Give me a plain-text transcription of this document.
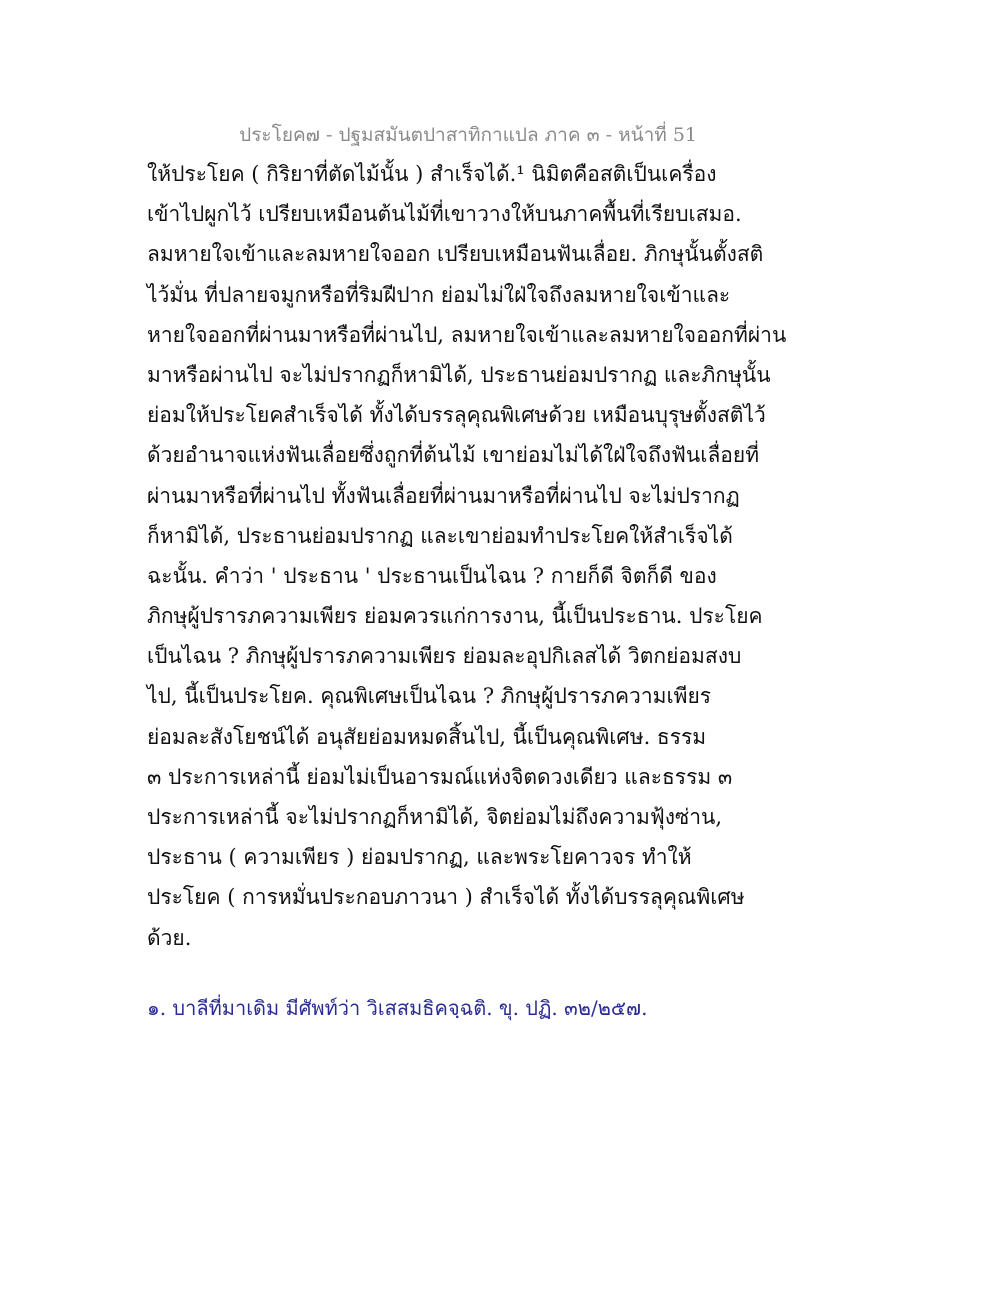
ประโยค๗ - ปฐมสมันตปาสาทิกาแปล ภาค ๓ - หน้าที่ 51
ให้ประโยค ( กิริยาที่ตัดไม้นั้น ) สำเร็จได้.¹ นิมิตคือสติเป็นเครื่อง
เข้าไปผูกไว้ เปรียบเหมือนต้นไม้ที่เขาวางให้บนภาคพื้นที่เรียบเสมอ.
ลมหายใจเข้าและลมหายใจออก เปรียบเหมือนฟันเลื่อย. ภิกษุนั้นตั้งสติ
ไว้มั่น ที่ปลายจมูกหรือที่ริมฝีปาก ย่อมไม่ใฝ่ใจถึงลมหายใจเข้าและ
หายใจออกที่ผ่านมาหรือที่ผ่านไป, ลมหายใจเข้าและลมหายใจออกที่ผ่าน
มาหรือผ่านไป จะไม่ปรากฏก็หามิได้, ประธานย่อมปรากฏ และภิกษุนั้น
ย่อมให้ประโยคสำเร็จได้ ทั้งได้บรรลุคุณพิเศษด้วย เหมือนบุรุษตั้งสติไว้
ด้วยอำนาจแห่งฟันเลื่อยซึ่งถูกที่ต้นไม้ เขาย่อมไม่ได้ใฝ่ใจถึงฟันเลื่อยที่
ผ่านมาหรือที่ผ่านไป ทั้งฟันเลื่อยที่ผ่านมาหรือที่ผ่านไป จะไม่ปรากฏ
ก็หามิได้, ประธานย่อมปรากฏ และเขาย่อมทำประโยคให้สำเร็จได้
ฉะนั้น. คำว่า ' ประธาน ' ประธานเป็นไฉน ? กายก็ดี จิตก็ดี ของ
ภิกษุผู้ปรารภความเพียร ย่อมควรแก่การงาน, นี้เป็นประธาน. ประโยค
เป็นไฉน ? ภิกษุผู้ปรารภความเพียร ย่อมละอุปกิเลสได้ วิตกย่อมสงบ
ไป, นี้เป็นประโยค. คุณพิเศษเป็นไฉน ? ภิกษุผู้ปรารภความเพียร
ย่อมละสังโยชน์ได้ อนุสัยย่อมหมดสิ้นไป, นี้เป็นคุณพิเศษ. ธรรม
๓ ประการเหล่านี้ ย่อมไม่เป็นอารมณ์แห่งจิตดวงเดียว และธรรม ๓
ประการเหล่านี้ จะไม่ปรากฏก็หามิได้, จิตย่อมไม่ถึงความฟุ้งซ่าน,
ประธาน ( ความเพียร ) ย่อมปรากฏ, และพระโยคาวจร ทำให้
ประโยค ( การหมั่นประกอบภาวนา ) สำเร็จได้ ทั้งได้บรรลุคุณพิเศษ
ด้วย.
๑. บาลีที่มาเดิม มีศัพท์ว่า วิเสสมธิคจฺฉติ. ขุ. ปฏิ. ๓๒/๒๕๗.
